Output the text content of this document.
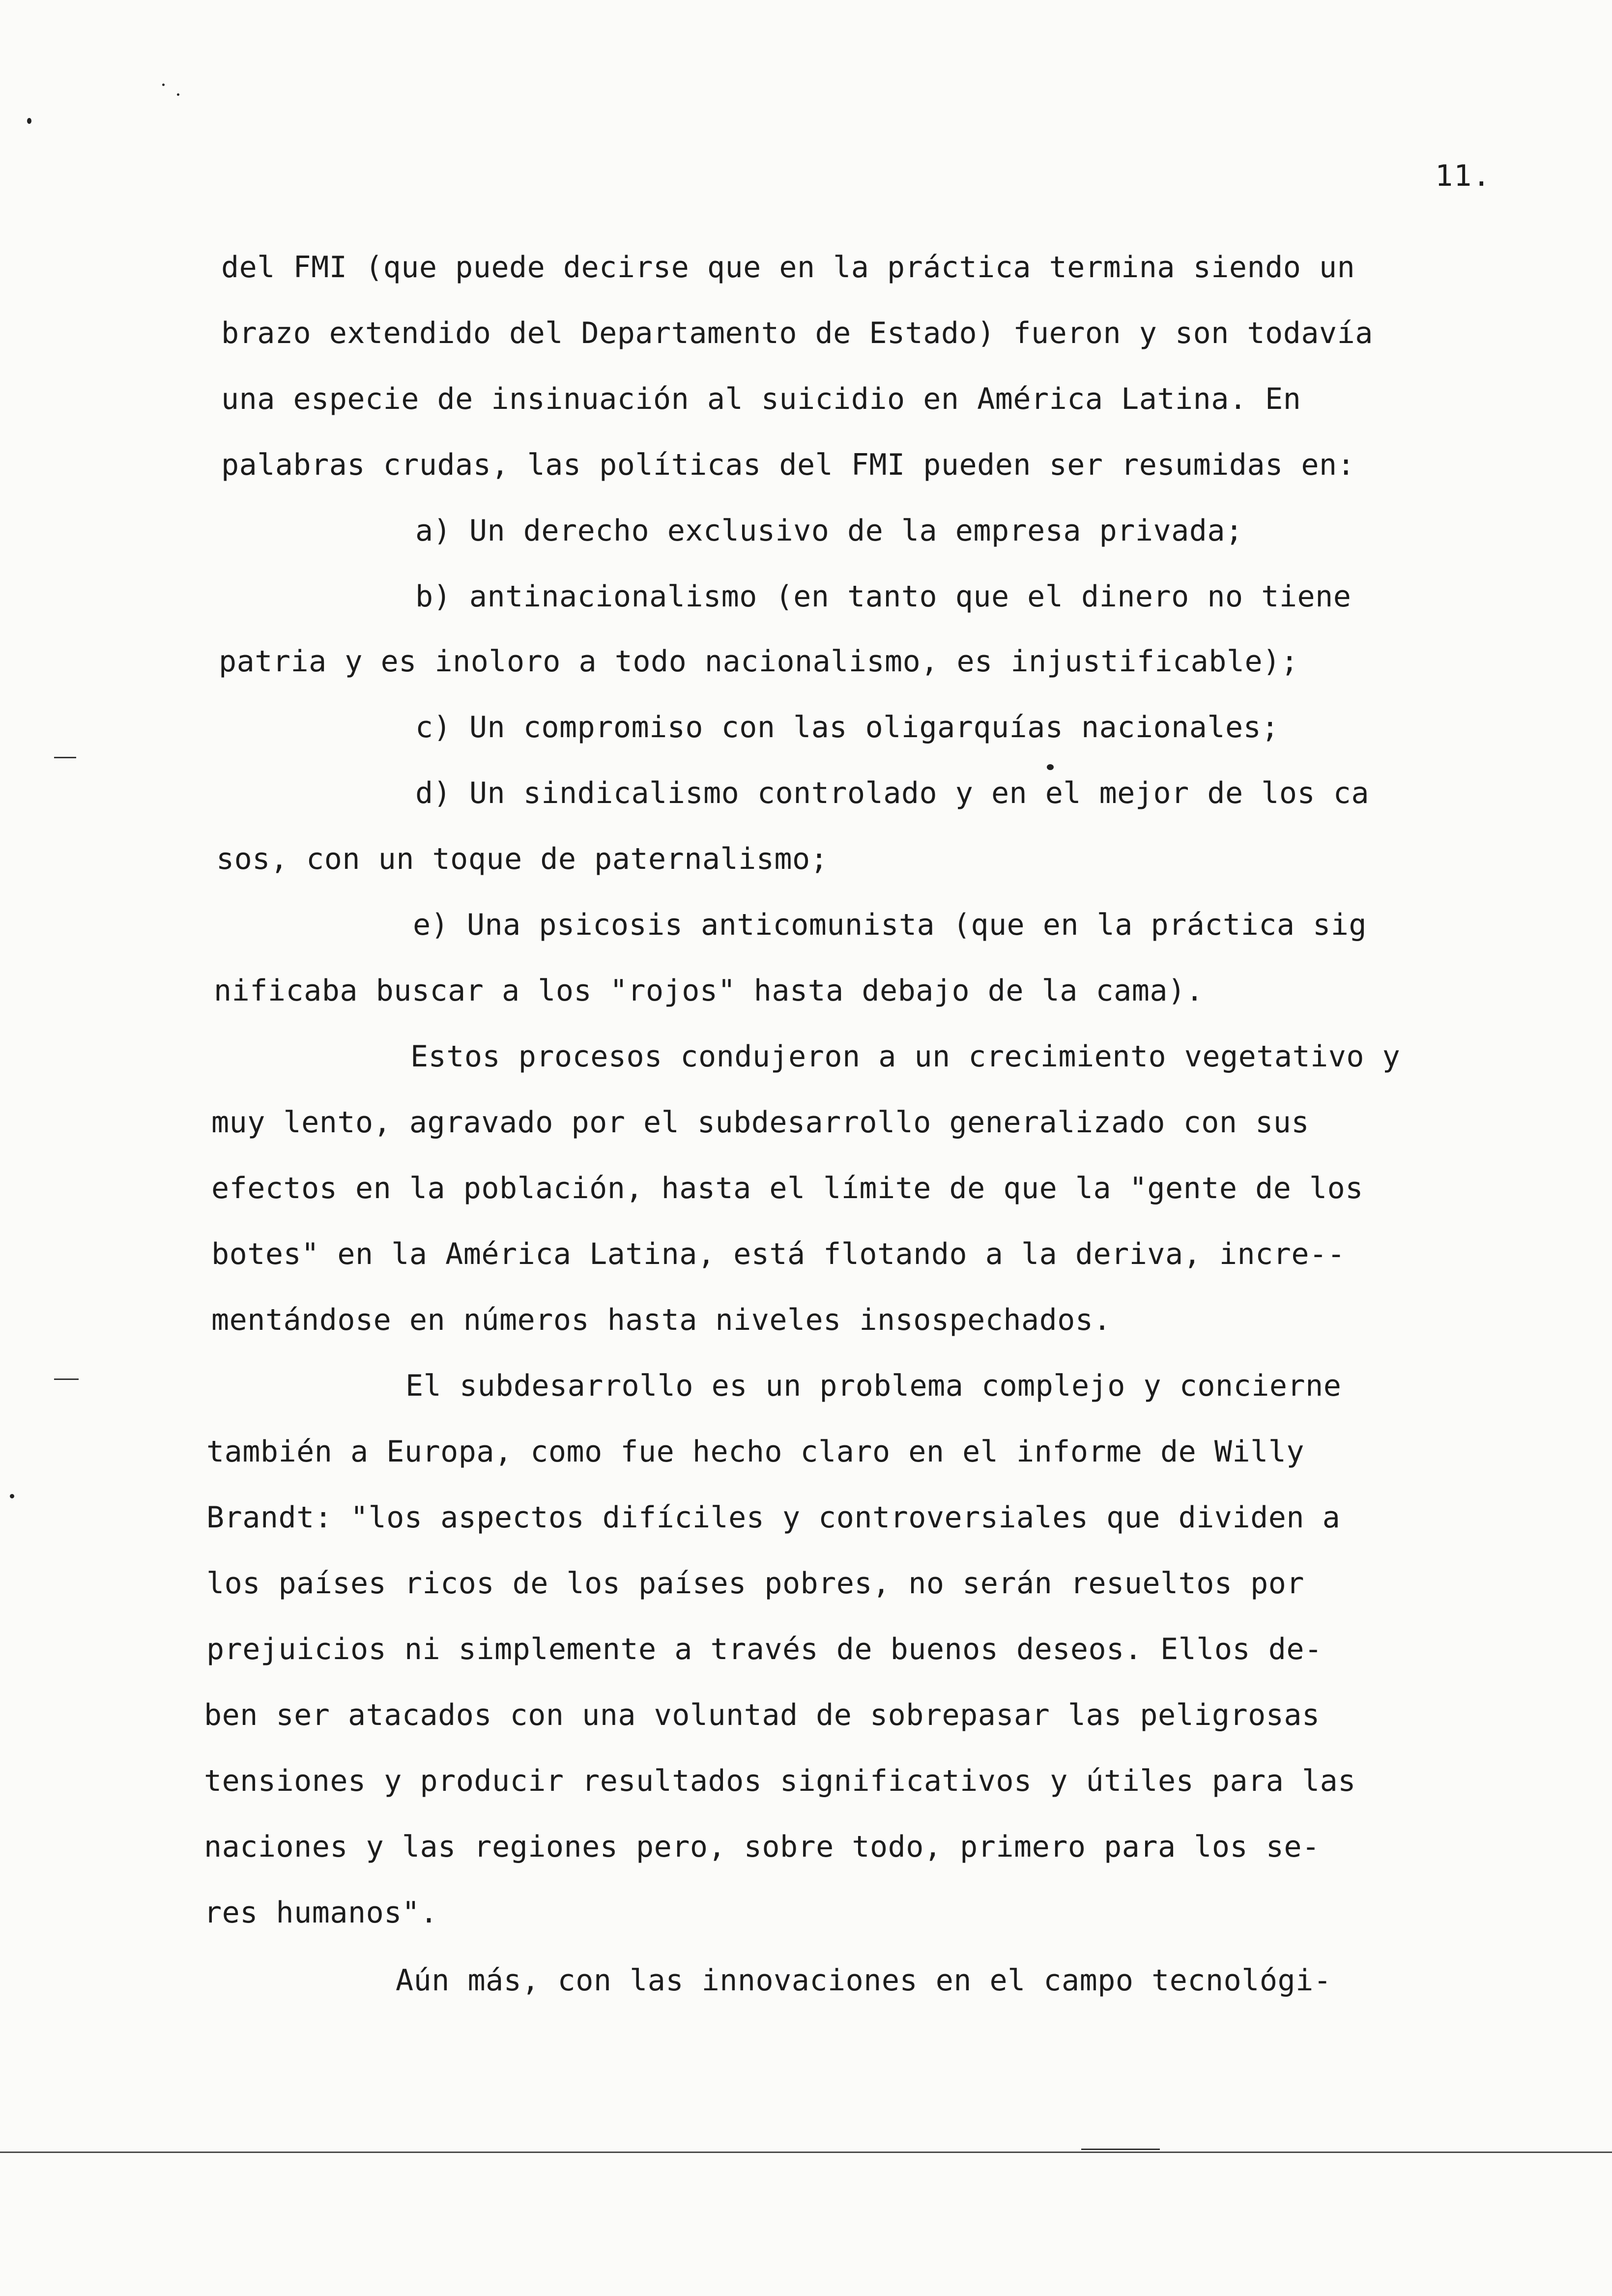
11.
del FMI (que puede decirse que en la práctica termina siendo un
brazo extendido del Departamento de Estado) fueron y son todavía
una especie de insinuación al suicidio en América Latina. En
palabras crudas, las políticas del FMI pueden ser resumidas en:
a) Un derecho exclusivo de la empresa privada;
b) antinacionalismo (en tanto que el dinero no tiene
patria y es inoloro a todo nacionalismo, es injustificable);
c) Un compromiso con las oligarquías nacionales;
d) Un sindicalismo controlado y en el mejor de los ca
sos, con un toque de paternalismo;
e) Una psicosis anticomunista (que en la práctica sig
nificaba buscar a los "rojos" hasta debajo de la cama).
Estos procesos condujeron a un crecimiento vegetativo y
muy lento, agravado por el subdesarrollo generalizado con sus
efectos en la población, hasta el límite de que la "gente de los
botes" en la América Latina, está flotando a la deriva, incre--
mentándose en números hasta niveles insospechados.
El subdesarrollo es un problema complejo y concierne
también a Europa, como fue hecho claro en el informe de Willy
Brandt: "los aspectos difíciles y controversiales que dividen a
los países ricos de los países pobres, no serán resueltos por
prejuicios ni simplemente a través de buenos deseos. Ellos de-
ben ser atacados con una voluntad de sobrepasar las peligrosas
tensiones y producir resultados significativos y útiles para las
naciones y las regiones pero, sobre todo, primero para los se-
res humanos".
Aún más, con las innovaciones en el campo tecnológi-
